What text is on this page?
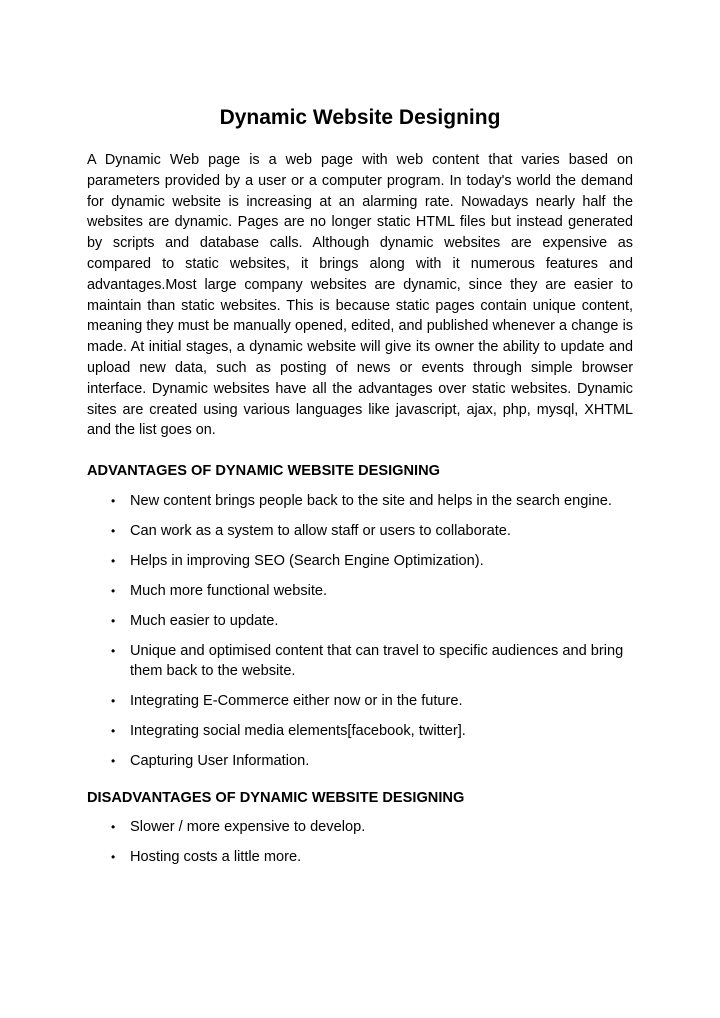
Dynamic Website Designing

A Dynamic Web page is a web page with web content that varies based on parameters provided by a user or a computer program. In today's world the demand for dynamic website is increasing at an alarming rate. Nowadays nearly half the websites are dynamic. Pages are no longer static HTML files but instead generated by scripts and database calls. Although dynamic websites are expensive as compared to static websites, it brings along with it numerous features and advantages.Most large company websites are dynamic, since they are easier to maintain than static websites. This is because static pages contain unique content, meaning they must be manually opened, edited, and published whenever a change is made. At initial stages, a dynamic website will give its owner the ability to update and upload new data, such as posting of news or events through simple browser interface. Dynamic websites have all the advantages over static websites. Dynamic sites are created using various languages like javascript, ajax, php, mysql, XHTML and the list goes on.

ADVANTAGES OF DYNAMIC WEBSITE DESIGNING
• New content brings people back to the site and helps in the search engine.
• Can work as a system to allow staff or users to collaborate.
• Helps in improving SEO (Search Engine Optimization).
• Much more functional website.
• Much easier to update.
• Unique and optimised content that can travel to specific audiences and bring them back to the website.
• Integrating E-Commerce either now or in the future.
• Integrating social media elements[facebook, twitter].
• Capturing User Information.
DISADVANTAGES OF DYNAMIC WEBSITE DESIGNING
• Slower / more expensive to develop.
• Hosting costs a little more.
